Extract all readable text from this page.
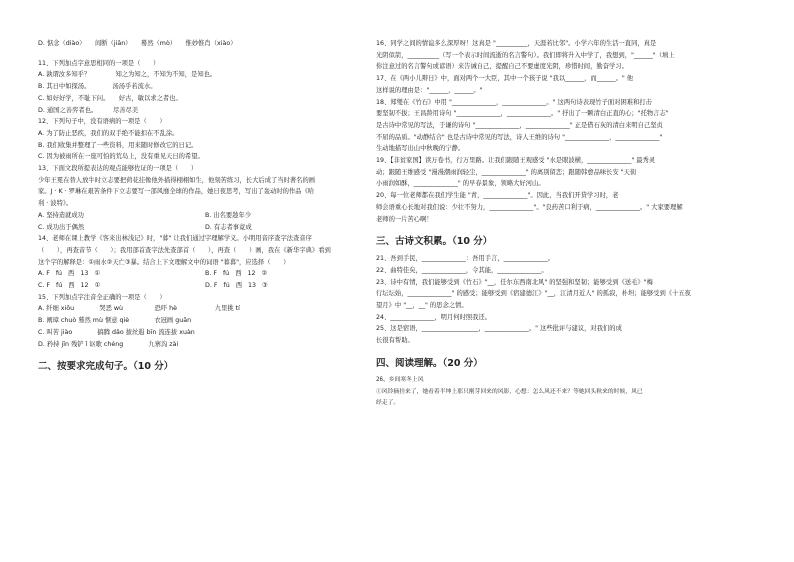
D. 惦念（diào）　　间断（jiān）　　蓦然（mò）　　惟妙惟肖（xiào）
11、下列加点字意思相同的一项是（　　）
A. 孰谓汝多知乎？　　　　知之为知之，不知为不知，是知也。
B. 其日中如探汤。　　　　汤汤乎若流水。
C. 如好好学，不耻下问。　　好古，敏以求之者也。
D. 通国之善弈者也。　　　尽善尽美
12、下列句子中，没有语病的一项是（　　）
A. 为了防止恶疾，我们的双手绝不能扣在不乱涂。
B. 我们收集并整理了一些资料，用来随时修改它的日记。
C. 因为被雨所在一座可怕的荒岛上，没有重见天日的希望。
13、下面文段所提表达的观点能够佐证的一项是（　　）
少年王冕在替人放牛时立志要把荷花挂像他外描得栩栩如生，他刻苦练习，长大后成了当时著名的画
家。J · K · 罗琳在艰苦条件下立志要写一部风靡全球的作品，她日夜思考，写出了轰动时的作品《哈
利 · 波特》。
A. 坚持造就成功	B. 出名要趁年少
C. 成功出于偶然	D. 有志者事竟成
14、老师在课上教学《客来出林浅记》时，"暮" 让我们通过字理解学义。小明用音序查字法查音序
（　　），再查音节（　　）；我用部首查字法先查部首（　　），再查（　　）画，我在《新华字典》看到
这个字的解释是：①雨水②天亡③暴。结合上下文理解文中的词语 "暮暮"，应选择（　　）
A. F fú 西 13 ①	B. F fú 西 12 ②
C. F fú 西 12 ①	D. F fú 西 13 ③
15、下列加点字注音全正确的一项是（　　）
A. 纤细 xiōu　　　　哭恶 wù　　　　　恐吓 hè　　　　　　九里挑 tí
B. 阐璋 chuò 蓦然 mù 惬意 qiè　　　　衣冠画 guān
C. 叫苦 jiào　　　　搞腾 dǎo 拔丝遐 bīn 流连拔 xuàn
D. 矜持 jīn 残铲 ǐ 讴歌 chéng　　　　九寨沟 zài
二、按要求完成句子。（10 分）
16、同学之间的情谊多么深厚呀！这真是 "__________，天涯若比邻"。小学六年的生活一直同，真是
光阴似箭，__________（写一个表示时间流逝的名言警句）。我们即将升入中学了，我想到，"______"（填上
你注意过的名言警句或谚语）来告诫自己，提醒自己不要虚度光阴，珍惜时间，勤奋学习。
17、在《两小儿辩日》中，面对两个一大臣，其中一个孩子说 "我以______，而______。" 他
这样说的理由是："______，______。"
18、郑燮在《竹石》中用 "______________，______________。" 这两句诗表现竹子面对困难和打击
要坚韧不拔；王昌龄用诗句 "______________，______________。" 抒出了一颗清白正直的心；"托物言志"
是古诗中常见的写法，于谦的诗句 "______________，______________" 正是借石灰的清白来明自己坚贞
不屈的品质。"动静结合" 也是古诗中常见的写法，诗人王维的诗句 "______________，______________"
生动地描写出山中秋晚的宁静。
19、【非贫家国】读万卷书，行万里路。让我们跟随王观感受 "水是眼波横，______________" 最秀灵
动；跟随王维感受 "漫漫潮雨润轻尘，______________" 的离别留恋；跟随韩愈品味长安 "天街
小雨润如酥，______________" 的早春景象，领略大好河山。
20、每一位老师都在我们学生能 "青，______________"。因此，当我们开贷学习时，老
师会语重心长地对我们说：少壮不努力，______________"。"良药苦口利于病，______________。" 大家要理解
老师的一片苦心啊！
三、古诗文积累。（10 分）
21、吾到手民，______________：吾用手言，______________。
22、曲特佳矣，______________，令其能，______________。
23、诗中有情，我们能够受到《竹石》"__，任尔东西南北风" 的坚强和坚韧；能够受到《送毛》"梅
行坛坛始，______________" 的感受；能够受到《宿建德江》"__，江清月近人" 的孤寂，朴坦；能够受到《十五夜
望月》中 "__，__" 的思念之情。
24、______________，明月何时照我还。
25、这是宿语，__________________，______________。" 这些批评与建议，对我们的成
长很有帮助。
四、阅读理解。（20 分）
26、乡间寒冬上风
①风铃摘挂来了，她看着半坤上那只刚芽回来的风影，心想：怎么风还不来？等她回头秋来的时候，风已
经走了。
